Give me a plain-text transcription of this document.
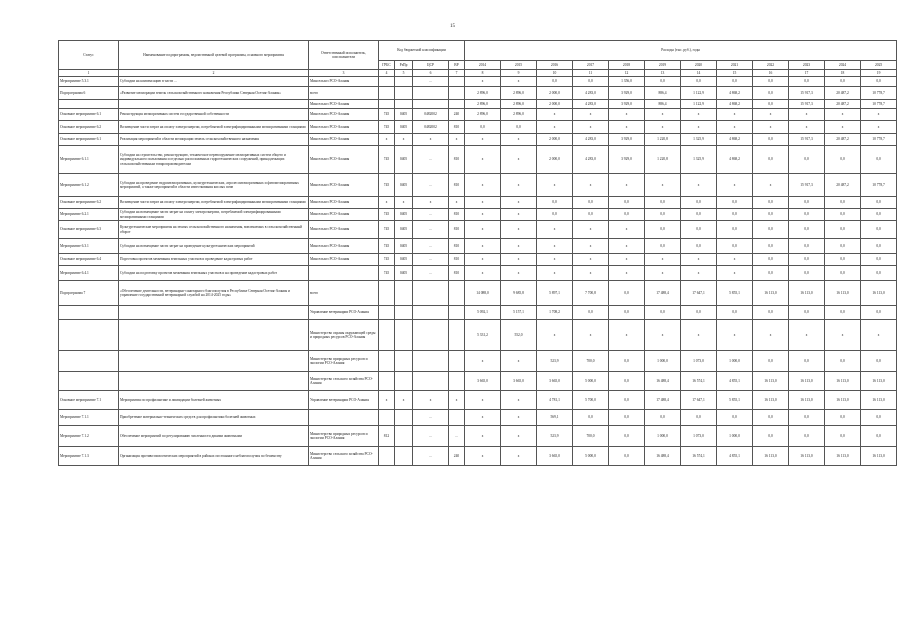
15
Статус	Наименование подпрограммы, ведомственной целевой программы, основного мероприятия	Ответственный исполнитель, соисполнители	Код бюджетной классификации				Расходы (тыс. руб.), годы											
			ГРБС	РзПр	ЦСР	ВР	2014	2015	2016	2017	2018	2019	2020	2021	2022	2023	2024	2025
1	2	3	4	5	6	7	8	9	10	11	12	13	14	15	16	17	18	19
Мероприятие 5.3.1	Субсидии на компенсацию в части ...	Минсельхоз РСО-Алания			...		х	х	0,0	0,0	1 356,0	0,0	0,0	0,0	0,0	0,0	0,0	0,0
Подпрограмма 6	«Развитие мелиорации земель сельскохозяйственного назначения Республики Северная Осетия-Алания»	всего					2 896,0	2 896,0	2 000,0	4 283,0	3 929,0	886,4	1 122,9	4 868,2	0,0	15 917,3	20 487,2	10 778,7
		Минсельхоз РСО-Алания					2 896,0	2 896,0	2 000,0	4 283,0	3 929,0	886,4	1 122,9	4 868,2	0,0	15 917,3	20 487,2	10 778,7
Основное мероприятие 6.1	Реконструкция мелиоративных систем государственной собственности	Минсельхоз РСО-Алания	745	0405	0482002	240	2 896,0	2 896,0	х	х	х	х	х	х	х	х	х	х
Основное мероприятие 6.2	Возмещение части затрат на оплату электроэнергии, потребляемой электрифицированными мелиоративными станциями	Минсельхоз РСО-Алания	745	0405	0482002	810	0,0	0,0	х	х	х	х	х	х	х	х	х	х
Основное мероприятие 6.1	Реализация мероприятий в области мелиорации земель сельскохозяйственного назначения	Минсельхоз РСО-Алания	х	х	х	х	х	х	2 000,0	4 283,0	3 929,0	1 220,8	1 325,9	4 868,2	0,0	15 917,3	20 487,2	10 778,7
Мероприятие 6.1.1	Субсидии на строительство, реконструкцию, техническое перевооружение мелиоративных систем общего и индивидуального пользования и отдельно расположенных гидротехнических сооружений, принадлежащих сельскохозяйственным товаропроизводителям	Минсельхоз РСО-Алания	745	0405	...	810	х	х	2 000,0	4 283,0	3 929,0	1 220,8	1 325,9	4 868,2	0,0	0,0	0,0	0,0
Мероприятие 6.1.2	Субсидии на проведение гидромелиоративных, культуртехнических, агролесомелиоративных и фитомелиоративных мероприятий, а также мероприятий в области известкования кислых почв	Минсельхоз РСО-Алания	745	0405	...	810	х	х	х	х	х	х	х	х	х	15 917,3	20 487,2	10 778,7
Основное мероприятие 6.2	Возмещение части затрат на оплату электроэнергии, потребляемой электрифицированными мелиоративными станциями	Минсельхоз РСО-Алания	х	х	х	х	х	х	0,0	0,0	0,0	0,0	0,0	0,0	0,0	0,0	0,0	0,0
Мероприятие 6.2.1	Субсидии на возмещение части затрат на оплату электроэнергии, потребляемой электрифицированными мелиоративными станциями	Минсельхоз РСО-Алания	745	0405	...	810	х	х	0,0	0,0	0,0	0,0	0,0	0,0	0,0	0,0	0,0	0,0
Основное мероприятие 6.3	Культуртехнические мероприятия на землях сельскохозяйственного назначения, вовлекаемых в сельскохозяйственный оборот	Минсельхоз РСО-Алания	745	0405	...	810	х	х	х	х	х	0,0	0,0	0,0	0,0	0,0	0,0	0,0
Мероприятие 6.3.1	Субсидии на возмещение части затрат на проведение культуртехнических мероприятий	Минсельхоз РСО-Алания	745	0405	...	810	х	х	х	х	х	0,0	0,0	0,0	0,0	0,0	0,0	0,0
Основное мероприятие 6.4	Подготовка проектов межевания земельных участков и проведение кадастровых работ	Минсельхоз РСО-Алания	745	0405	...	810	х	х	х	х	х	х	х	х	0,0	0,0	0,0	0,0
Мероприятие 6.4.1	Субсидии на подготовку проектов межевания земельных участков и на проведение кадастровых работ		745	0405	...	810	х	х	х	х	х	х	х	х	0,0	0,0	0,0	0,0
Подпрограмма 7	«Обеспечение деятельности, ветеринарно-санитарного благополучия в Республике Северная Осетия-Алания и управление государственной ветеринарной службой на 2014-2025 годы»	всего					14 088,0	9 685,8	5 897,1	7 700,8	0,0	17 488,4	17 647,1	5 855,1	16 113,0	16 113,0	16 113,0	16 113,0
		Управление ветеринарии РСО-Алания					5 092,1	5 157,1	1 708,2	0,0	0,0	0,0	0,0	0,0	0,0	0,0	0,0	0,0
		Министерство охраны окружающей среды и природных ресурсов РСО-Алания					5 331,2	552,0	х	х	х	х	х	х	х	х	х	х
		Министерство природных ресурсов и экологии РСО-Алания					х	х	523,9	700,0	0,0	1 000,0	1 073,0	1 000,0	0,0	0,0	0,0	0,0
		Министерство сельского хозяйства РСО-Алания					3 665,0	3 665,0	3 665,0	5 000,0	0,0	16 488,4	16 574,1	4 855,1	16 113,0	16 113,0	16 113,0	16 113,0
Основное мероприятие 7.1	Мероприятия по профилактике и ликвидации болезней животных	Управление ветеринарии РСО-Алания	х	х	х	х	х	х	4 781,1	5 700,0	0,0	17 488,4	17 647,1	5 855,1	16 113,0	16 113,0	16 113,0	16 113,0
Мероприятие 7.1.1	Приобретение материально-технических средств для профилактики болезней животных				...		х	х	569,1	0,0	0,0	0,0	0,0	0,0	0,0	0,0	0,0	0,0
Мероприятие 7.1.2	Обеспечение мероприятий по регулированию численности дикими животными	Министерство природных ресурсов и экологии РСО-Алания	812		...	...	х	х	523,9	700,0	0,0	1 000,0	1 073,0	1 000,0	0,0	0,0	0,0	0,0
Мероприятие 7.1.3	Организация противоэпизоотических мероприятий в районах постоянного неблагополучия по бешенству	Министерство сельского хозяйства РСО-Алания			...	240	х	х	3 665,0	5 000,0	0,0	16 488,4	16 574,1	4 855,1	16 113,0	16 113,0	16 113,0	16 113,0
